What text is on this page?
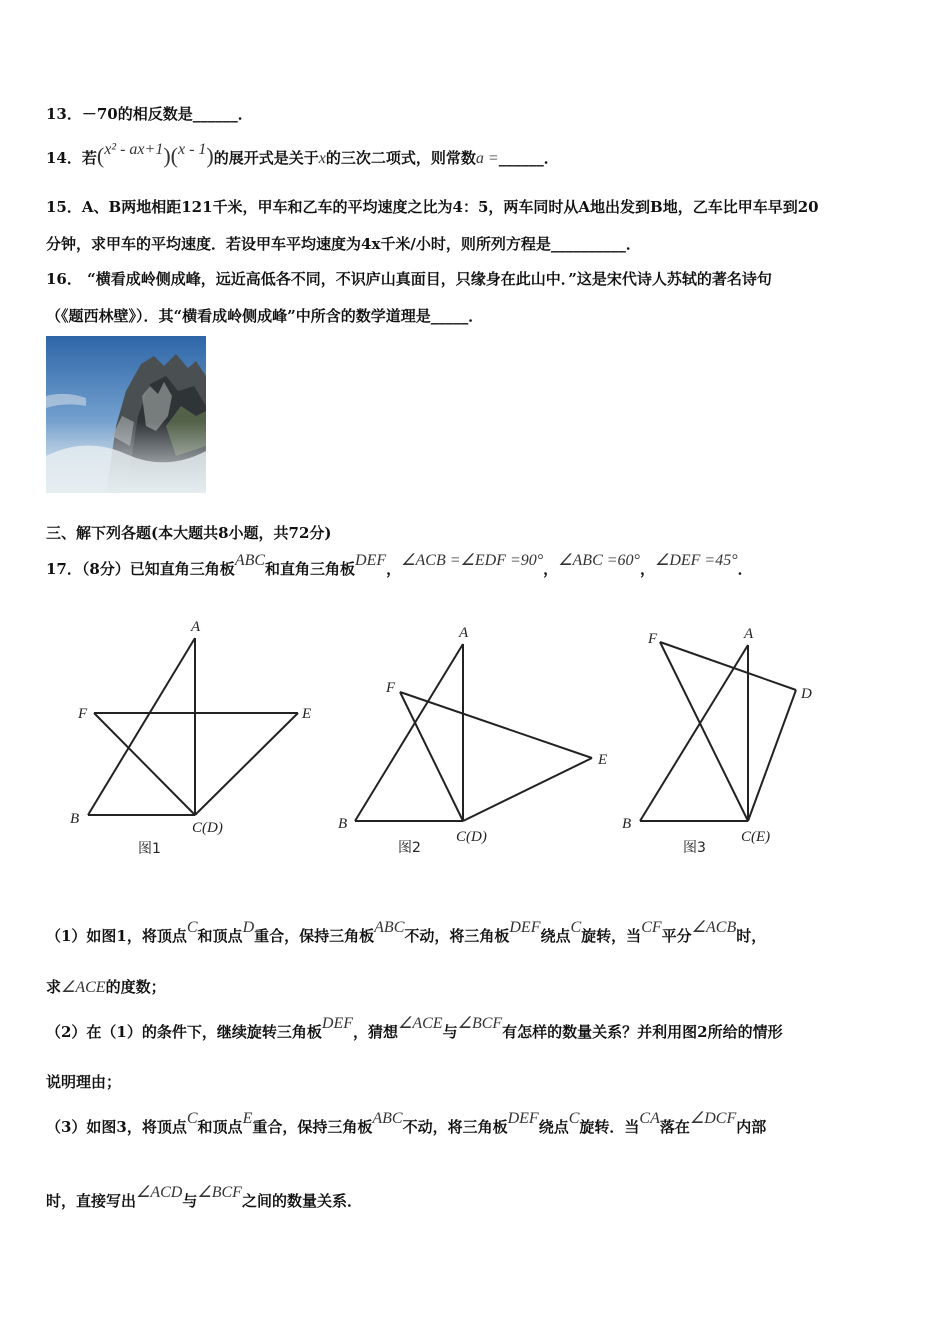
13．－70的相反数是______．
14．若(x² - ax+1)(x - 1)的展开式是关于x的三次二项式，则常数a =______．
15．A、B两地相距121千米，甲车和乙车的平均速度之比为4：5，两车同时从A地出发到B地，乙车比甲车早到20
分钟，求甲车的平均速度．若设甲车平均速度为4x千米/小时，则所列方程是__________．
16． “横看成岭侧成峰，远近高低各不同，不识庐山真面目，只缘身在此山中．”这是宋代诗人苏轼的著名诗句
（《题西林壁》）．其“横看成岭侧成峰”中所含的数学道理是_____．
三、解下列各题(本大题共8小题，共72分)
17．（8分）已知直角三角板ABC和直角三角板DEF，∠ACB =∠EDF =90°，∠ABC =60°，∠DEF =45°．
A
F	E
B
C(D)
图1
A
F
E
B
C(D)
图2
F	A
D
B
C(E)
图3
（1）如图1，将顶点C和顶点D重合，保持三角板ABC不动，将三角板DEF绕点C旋转，当CF平分∠ACB时，
求∠ACE的度数；
（2）在（1）的条件下，继续旋转三角板DEF，猜想∠ACE与∠BCF有怎样的数量关系？并利用图2所给的情形
说明理由；
（3）如图3，将顶点C和顶点E重合，保持三角板ABC不动，将三角板DEF绕点C旋转．当CA落在∠DCF内部
时，直接写出∠ACD与∠BCF之间的数量关系．
